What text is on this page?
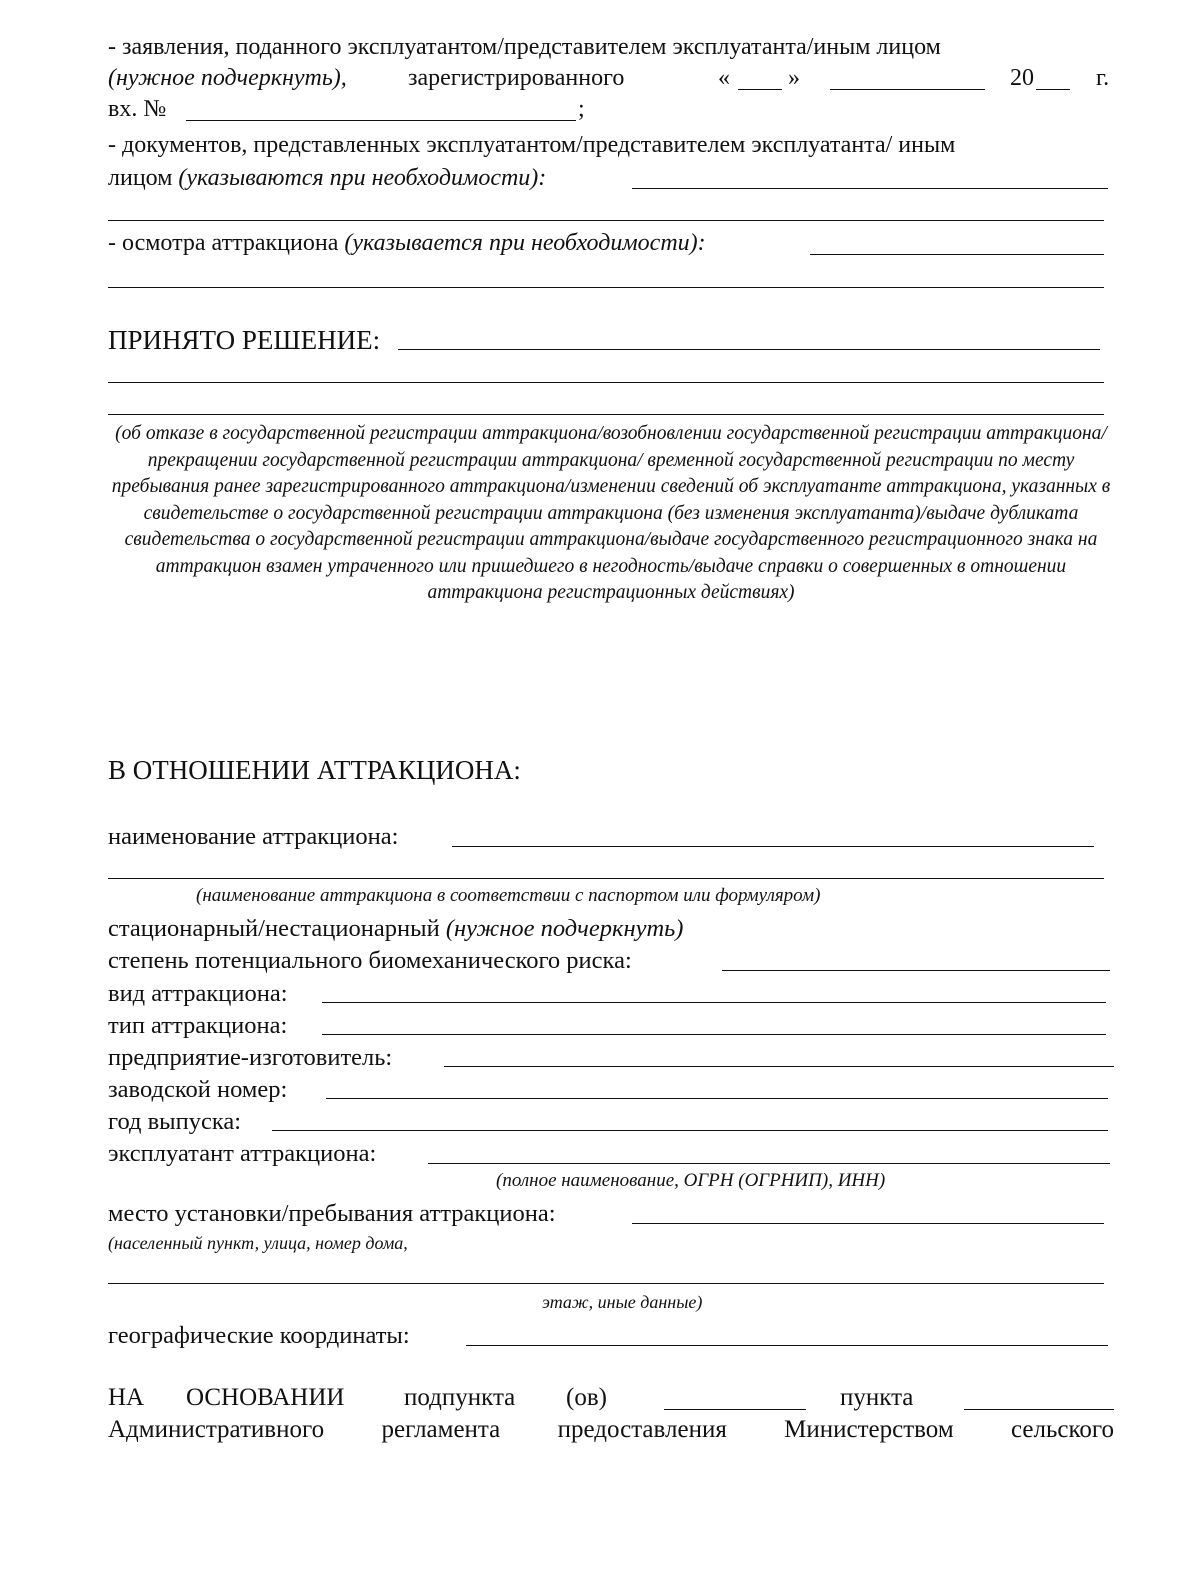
- заявления, поданного эксплуатантом/представителем эксплуатанта/иным лицом
(нужное подчеркнуть),	зарегистрированного	« »	20	г.
вх. №	;
- документов, представленных эксплуатантом/представителем эксплуатанта/ иным
лицом (указываются при необходимости):
- осмотра аттракциона (указывается при необходимости):
ПРИНЯТО РЕШЕНИЕ:
(об отказе в государственной регистрации аттракциона/возобновлении государственной регистрации аттракциона/прекращении государственной регистрации аттракциона/ временной государственной регистрации по месту пребывания ранее зарегистрированного аттракциона/изменении сведений об эксплуатанте аттракциона, указанных в свидетельстве о государственной регистрации аттракциона (без изменения эксплуатанта)/выдаче дубликата свидетельства о государственной регистрации аттракциона/выдаче государственного регистрационного знака на аттракцион взамен утраченного или пришедшего в негодность/выдаче справки о совершенных в отношении аттракциона регистрационных действиях)
В ОТНОШЕНИИ АТТРАКЦИОНА:
наименование аттракциона:
(наименование аттракциона в соответствии с паспортом или формуляром)
стационарный/нестационарный (нужное подчеркнуть)
степень потенциального биомеханического риска:
вид аттракциона:
тип аттракциона:
предприятие-изготовитель:
заводской номер:
год выпуска:
эксплуатант аттракциона:
(полное наименование, ОГРН (ОГРНИП), ИНН)
место установки/пребывания аттракциона:
(населенный пункт, улица, номер дома,
этаж, иные данные)
географические координаты:
НА ОСНОВАНИИ подпункта (ов)	пункта
Административного регламента предоставления Министерством сельского
